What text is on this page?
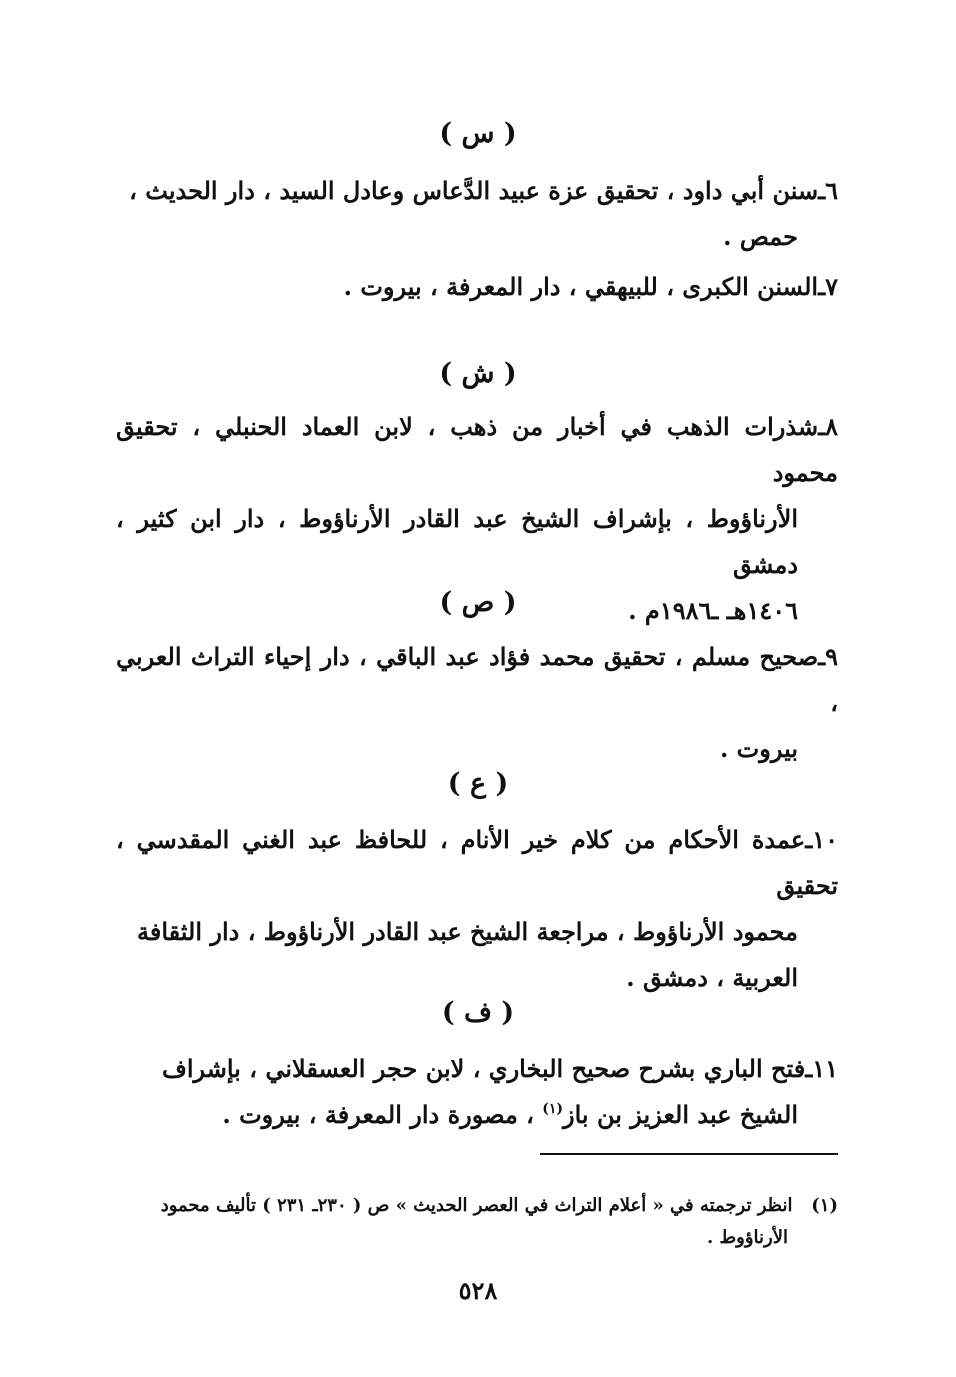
( س )
٦ـسنن أبي داود ، تحقيق عزة عبيد الدَّعاس وعادل السيد ، دار الحديث ،
حمص .
٧ـالسنن الكبرى ، للبيهقي ، دار المعرفة ، بيروت .
( ش )
٨ـشذرات الذهب في أخبار من ذهب ، لابن العماد الحنبلي ، تحقيق محمود
الأرناؤوط ، بإشراف الشيخ عبد القادر الأرناؤوط ، دار ابن كثير ، دمشق
١٤٠٦هـ ـ١٩٨٦م .
( ص )
٩ـصحيح مسلم ، تحقيق محمد فؤاد عبد الباقي ، دار إحياء التراث العربي ،
بيروت .
( ع )
١٠ـعمدة الأحكام من كلام خير الأنام ، للحافظ عبد الغني المقدسي ، تحقيق
محمود الأرناؤوط ، مراجعة الشيخ عبد القادر الأرناؤوط ، دار الثقافة
العربية ، دمشق .
( ف )
١١ـفتح الباري بشرح صحيح البخاري ، لابن حجر العسقلاني ، بإشراف
الشيخ عبد العزيز بن باز$^{(١)}$ ، مصورة دار المعرفة ، بيروت .
(١)   انظر ترجمته في « أعلام التراث في العصر الحديث » ص ( ٢٣٠ـ ٢٣١ ) تأليف محمود
الأرناؤوط .
٥٢٨
